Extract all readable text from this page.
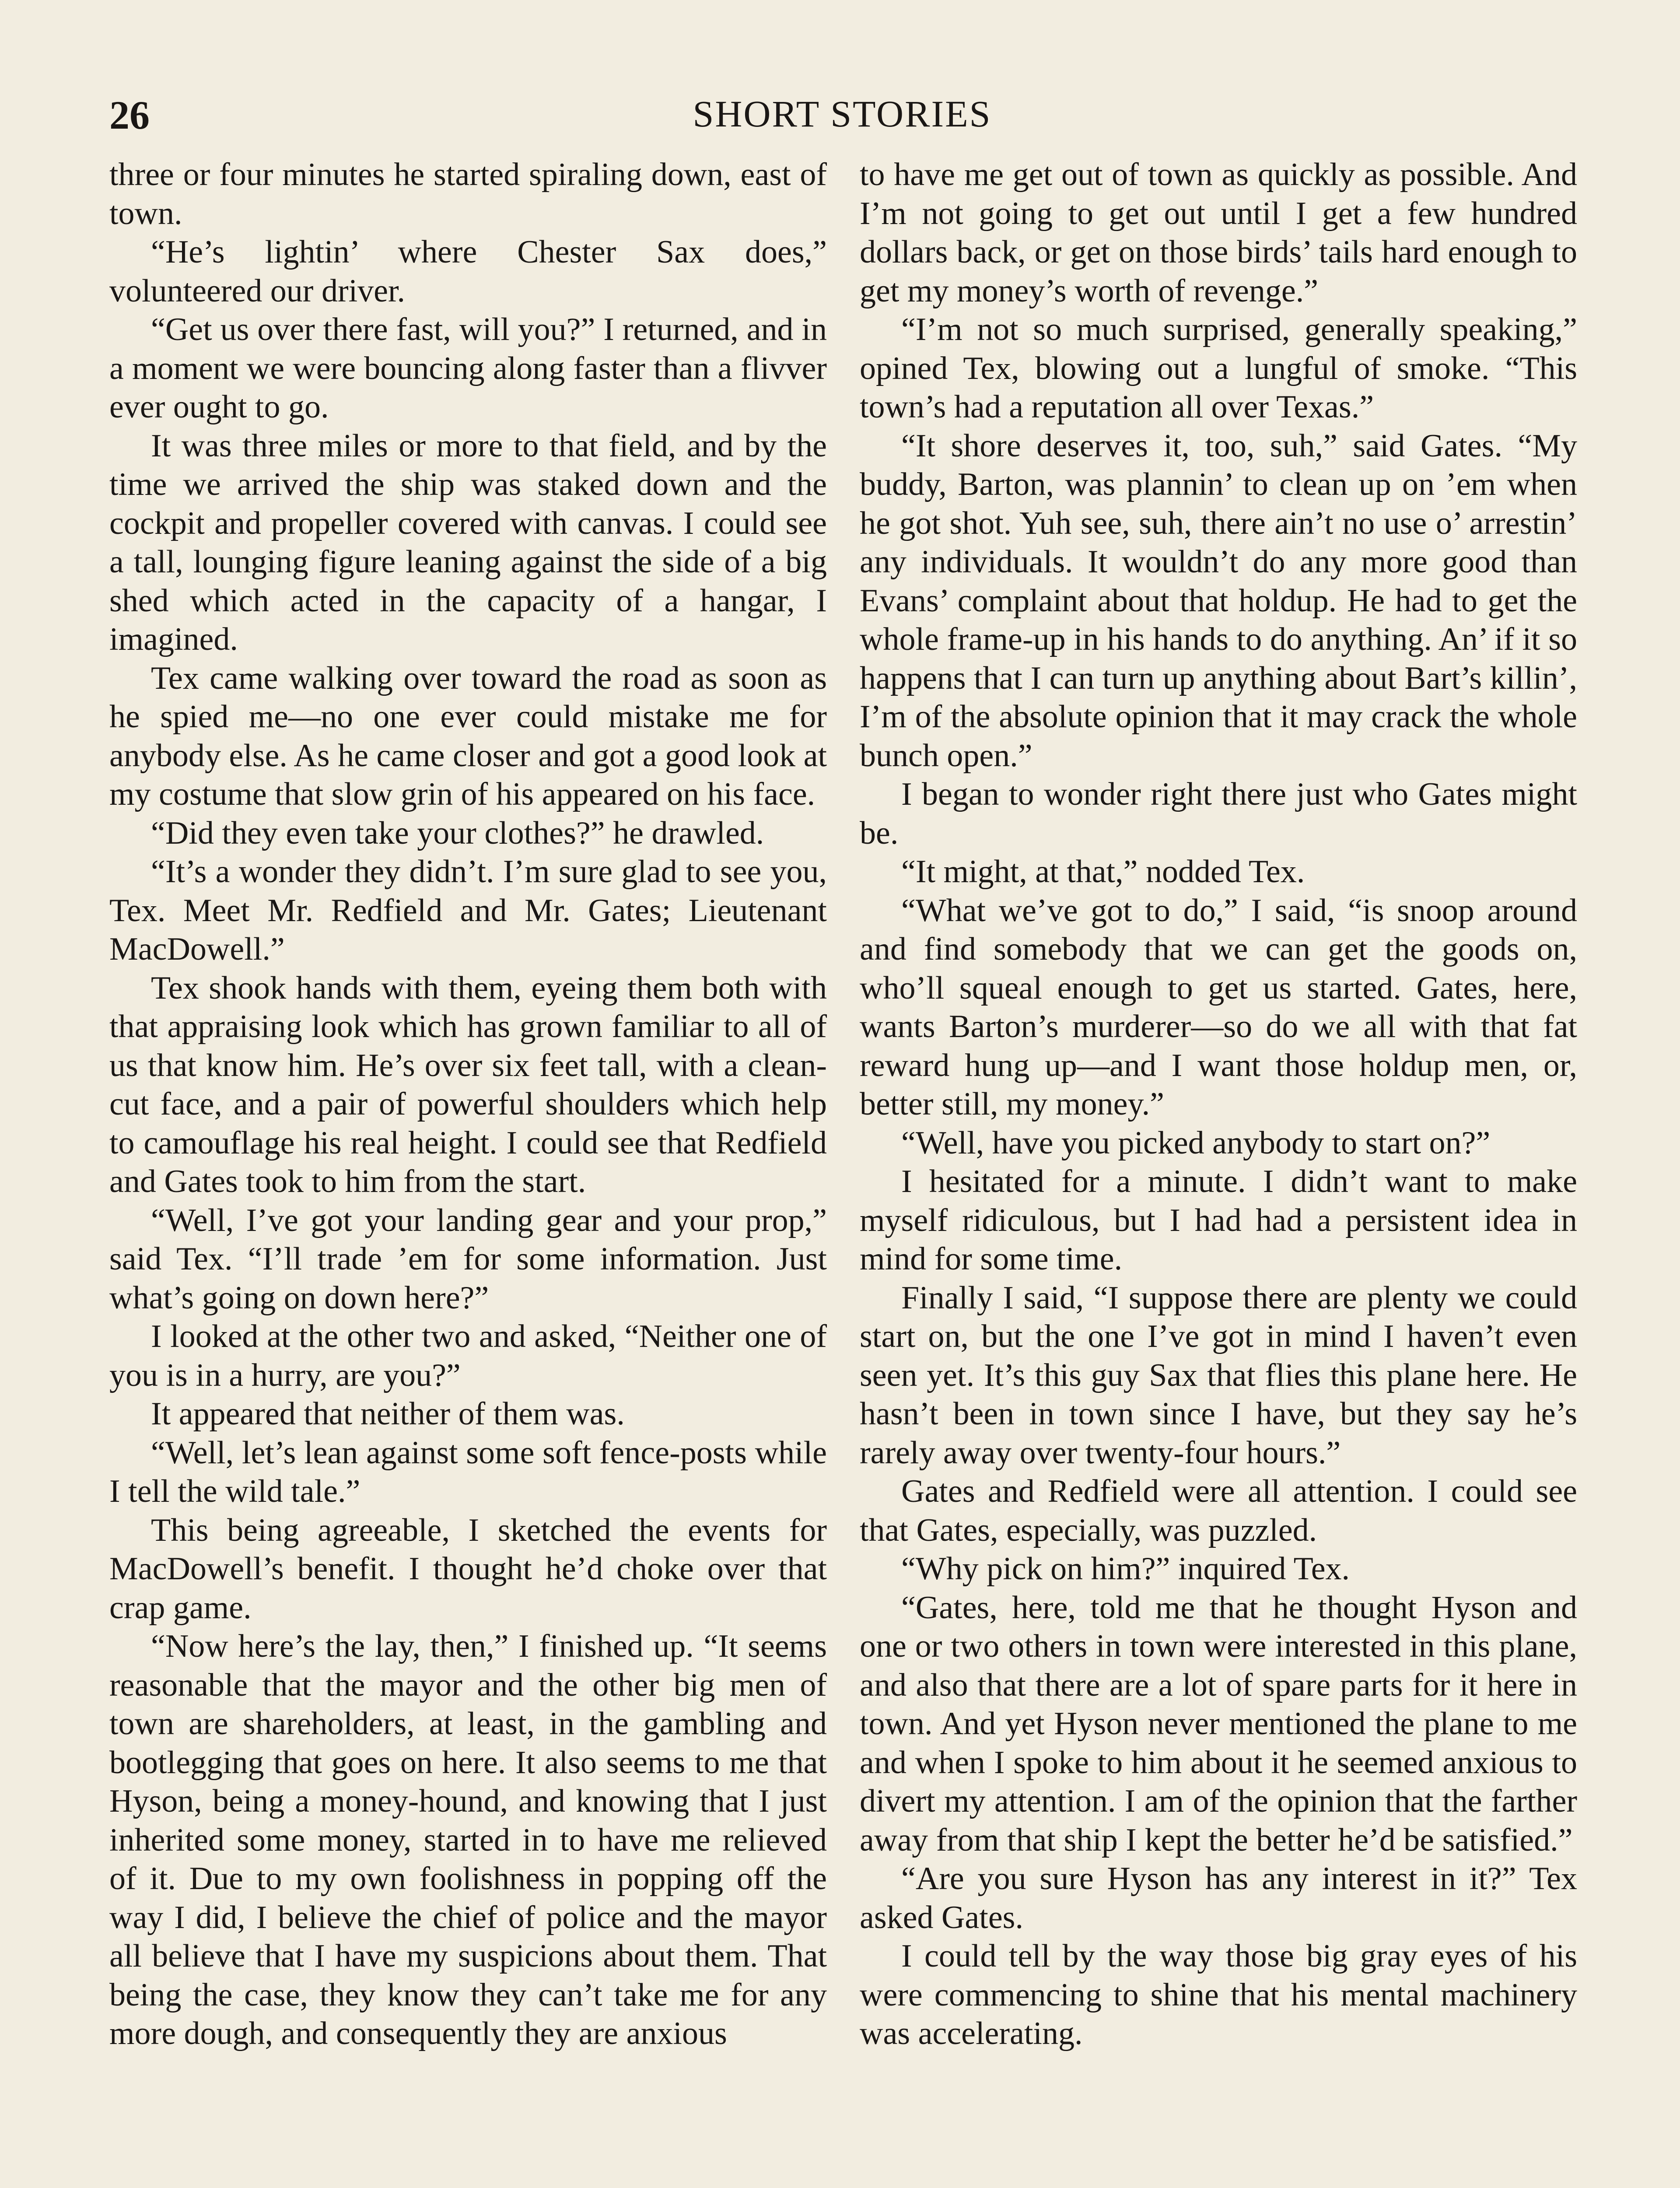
26	SHORT STORIES

three or four minutes he started spiraling down, east of town.

“He’s lightin’ where Chester Sax does,” volunteered our driver.

“Get us over there fast, will you?” I returned, and in a moment we were bouncing along faster than a flivver ever ought to go.

It was three miles or more to that field, and by the time we arrived the ship was staked down and the cockpit and propeller covered with canvas. I could see a tall, lounging figure leaning against the side of a big shed which acted in the capacity of a hangar, I imagined.

Tex came walking over toward the road as soon as he spied me—no one ever could mistake me for anybody else. As he came closer and got a good look at my costume that slow grin of his appeared on his face.

“Did they even take your clothes?” he drawled.

“It’s a wonder they didn’t. I’m sure glad to see you, Tex. Meet Mr. Redfield and Mr. Gates; Lieutenant MacDowell.”

Tex shook hands with them, eyeing them both with that appraising look which has grown familiar to all of us that know him. He’s over six feet tall, with a clean-cut face, and a pair of powerful shoulders which help to camouflage his real height. I could see that Redfield and Gates took to him from the start.

“Well, I’ve got your landing gear and your prop,” said Tex. “I’ll trade ’em for some information. Just what’s going on down here?”

I looked at the other two and asked, “Neither one of you is in a hurry, are you?”

It appeared that neither of them was.

“Well, let’s lean against some soft fence-posts while I tell the wild tale.”

This being agreeable, I sketched the events for MacDowell’s benefit. I thought he’d choke over that crap game.

“Now here’s the lay, then,” I finished up. “It seems reasonable that the mayor and the other big men of town are shareholders, at least, in the gambling and bootlegging that goes on here. It also seems to me that Hyson, being a money-hound, and knowing that I just inherited some money, started in to have me relieved of it. Due to my own foolishness in popping off the way I did, I believe the chief of police and the mayor all believe that I have my suspicions about them. That being the case, they know they can’t take me for any more dough, and consequently they are anxious

to have me get out of town as quickly as possible. And I’m not going to get out until I get a few hundred dollars back, or get on those birds’ tails hard enough to get my money’s worth of revenge.”

“I’m not so much surprised, generally speaking,” opined Tex, blowing out a lungful of smoke. “This town’s had a reputation all over Texas.”

“It shore deserves it, too, suh,” said Gates. “My buddy, Barton, was plannin’ to clean up on ’em when he got shot. Yuh see, suh, there ain’t no use o’ arrestin’ any individuals. It wouldn’t do any more good than Evans’ complaint about that holdup. He had to get the whole frame-up in his hands to do anything. An’ if it so happens that I can turn up anything about Bart’s killin’, I’m of the absolute opinion that it may crack the whole bunch open.”

I began to wonder right there just who Gates might be.

“It might, at that,” nodded Tex.

“What we’ve got to do,” I said, “is snoop around and find somebody that we can get the goods on, who’ll squeal enough to get us started. Gates, here, wants Barton’s murderer—so do we all with that fat reward hung up—and I want those holdup men, or, better still, my money.”

“Well, have you picked anybody to start on?”

I hesitated for a minute. I didn’t want to make myself ridiculous, but I had had a persistent idea in mind for some time.

Finally I said, “I suppose there are plenty we could start on, but the one I’ve got in mind I haven’t even seen yet. It’s this guy Sax that flies this plane here. He hasn’t been in town since I have, but they say he’s rarely away over twenty-four hours.”

Gates and Redfield were all attention. I could see that Gates, especially, was puzzled.

“Why pick on him?” inquired Tex.

“Gates, here, told me that he thought Hyson and one or two others in town were interested in this plane, and also that there are a lot of spare parts for it here in town. And yet Hyson never mentioned the plane to me and when I spoke to him about it he seemed anxious to divert my attention. I am of the opinion that the farther away from that ship I kept the better he’d be satisfied.”

“Are you sure Hyson has any interest in it?” Tex asked Gates.

I could tell by the way those big gray eyes of his were commencing to shine that his mental machinery was accelerating.
